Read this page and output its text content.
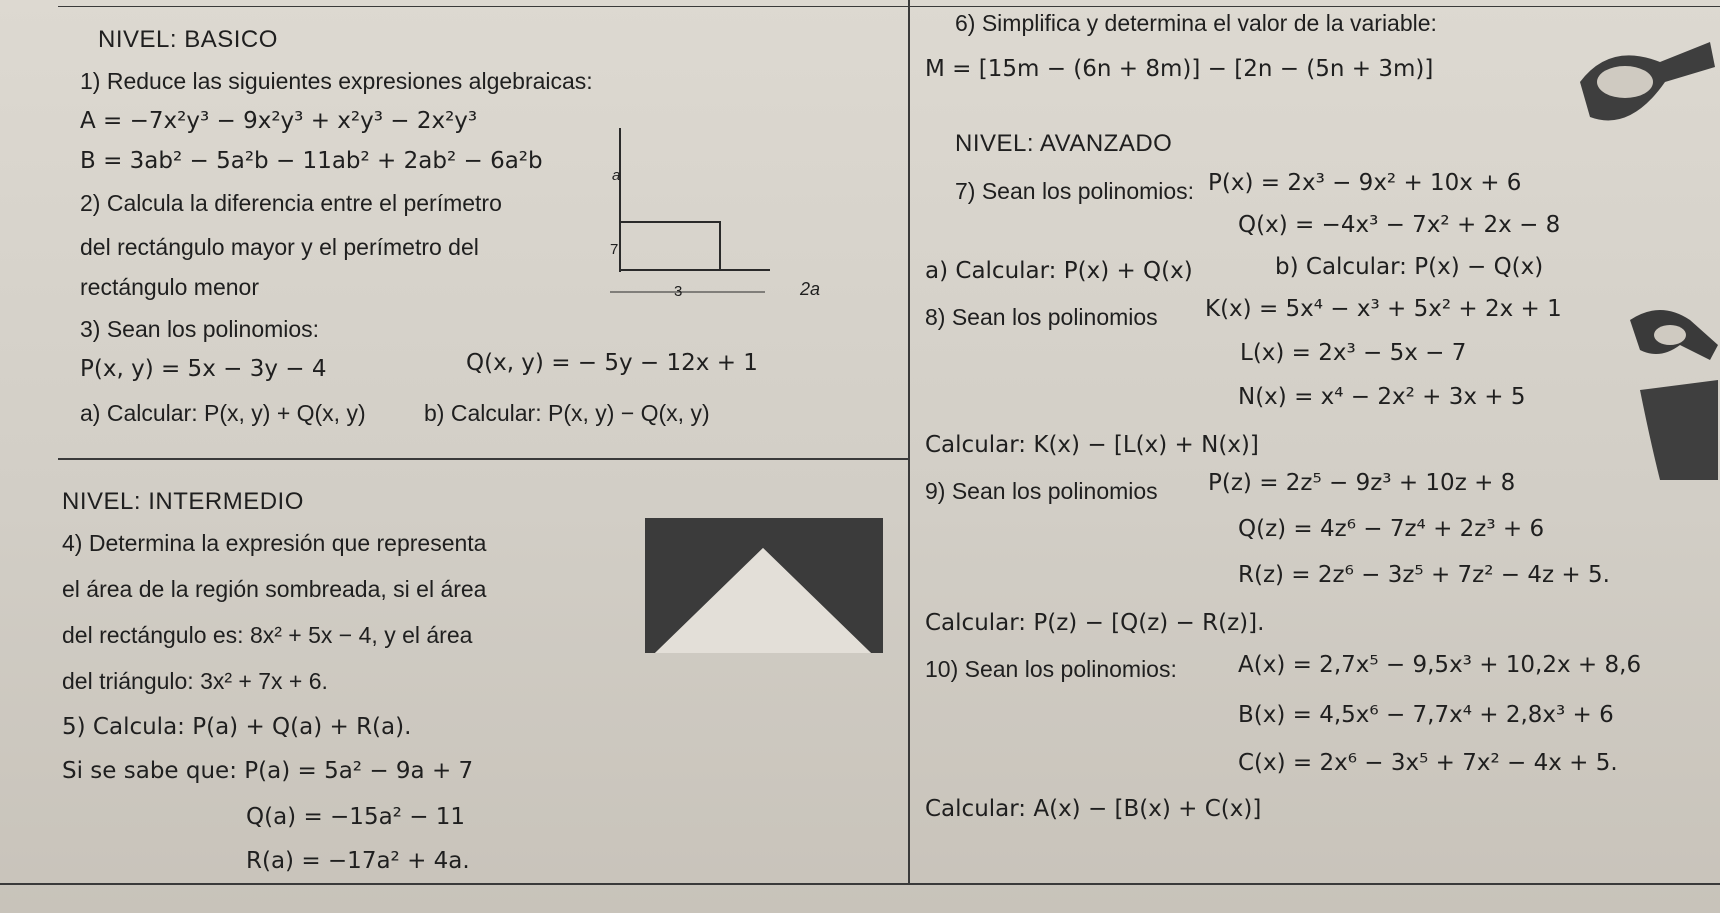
NIVEL: BASICO
1) Reduce las siguientes expresiones algebraicas:
A = −7x²y³ − 9x²y³ + x²y³ − 2x²y³
B = 3ab² − 5a²b − 11ab² + 2ab² − 6a²b
2) Calcula la diferencia entre el perímetro
del rectángulo mayor y el perímetro del
rectángulo menor
a
7
3	2a
3) Sean los polinomios:
P(x, y) = 5x − 3y − 4	Q(x, y) = − 5y − 12x + 1
a) Calcular: P(x, y) + Q(x, y)	b) Calcular: P(x, y) − Q(x, y)
NIVEL: INTERMEDIO
4) Determina la expresión que representa
el área de la región sombreada, si el área
del rectángulo es: 8x² + 5x − 4, y el área
del triángulo: 3x² + 7x + 6.
5) Calcula: P(a) + Q(a) + R(a).
Si se sabe que: P(a) = 5a² − 9a + 7
Q(a) = −15a² − 11
R(a) = −17a² + 4a.
6) Simplifica y determina el valor de la variable:
M = [15m − (6n + 8m)] − [2n − (5n + 3m)]
NIVEL: AVANZADO
7) Sean los polinomios: P(x) = 2x³ − 9x² + 10x + 6
Q(x) = −4x³ − 7x² + 2x − 8
a) Calcular: P(x) + Q(x)	b) Calcular: P(x) − Q(x)
8) Sean los polinomios K(x) = 5x⁴ − x³ + 5x² + 2x + 1
L(x) = 2x³ − 5x − 7
N(x) = x⁴ − 2x² + 3x + 5
Calcular: K(x) − [L(x) + N(x)]
9) Sean los polinomios P(z) = 2z⁵ − 9z³ + 10z + 8
Q(z) = 4z⁶ − 7z⁴ + 2z³ + 6
R(z) = 2z⁶ − 3z⁵ + 7z² − 4z + 5.
Calcular: P(z) − [Q(z) − R(z)].
10) Sean los polinomios:	A(x) = 2,7x⁵ − 9,5x³ + 10,2x + 8,6
B(x) = 4,5x⁶ − 7,7x⁴ + 2,8x³ + 6
C(x) = 2x⁶ − 3x⁵ + 7x² − 4x + 5.
Calcular: A(x) − [B(x) + C(x)]
